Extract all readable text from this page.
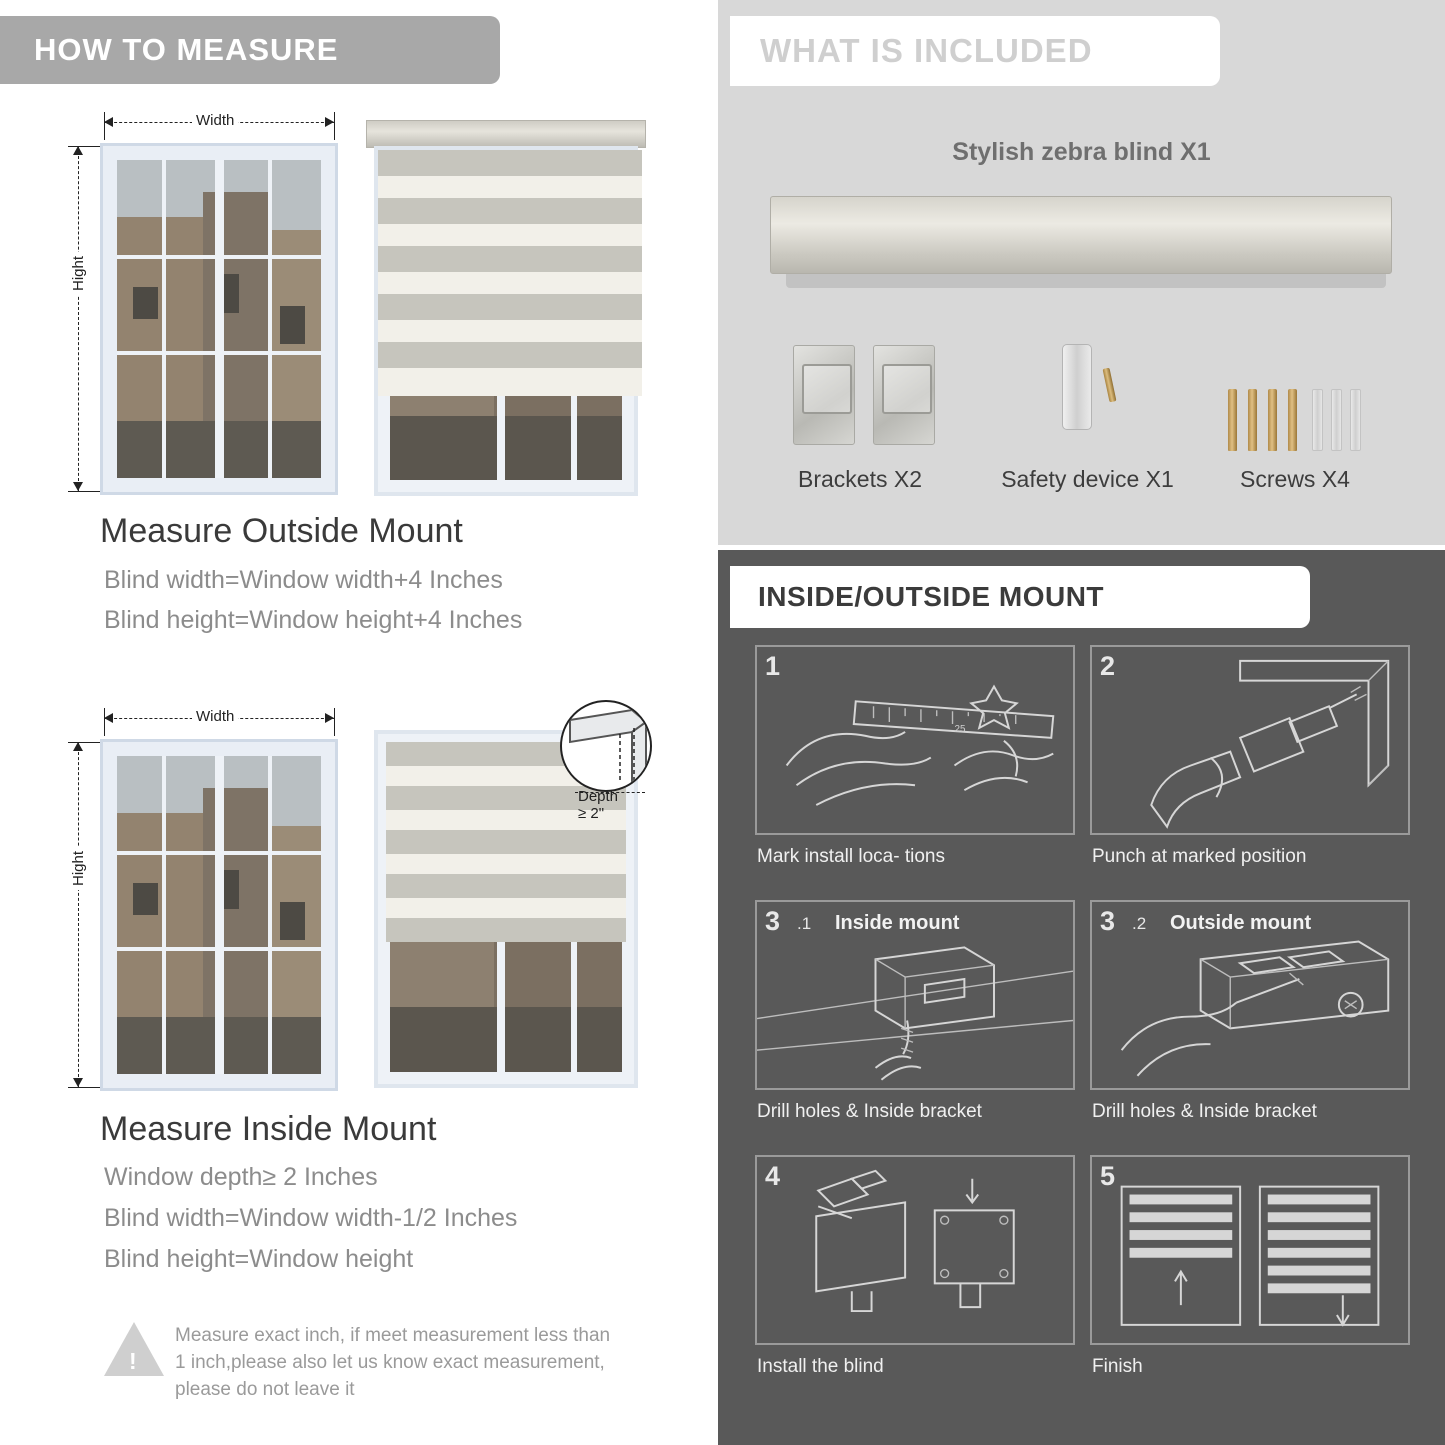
HOW TO MEASURE
Width
Hight
Measure Outside Mount
Blind width=Window width+4 Inches
Blind height=Window height+4 Inches
Width
Hight
Depth ≥ 2"
Measure Inside Mount
Window depth≥ 2 Inches
Blind width=Window width-1/2 Inches
Blind height=Window height
!
Measure exact inch, if meet measurement less than 1 inch,please also let us know exact measurement, please do not leave it
WHAT IS INCLUDED
Stylish zebra blind X1
Brackets X2	Safety device X1	Screws X4
INSIDE/OUTSIDE MOUNT
1
25
Mark install loca- tions
2
Punch at marked position
3 .1 Inside mount
Drill holes & Inside bracket
3 .2 Outside mount
Drill holes & Inside bracket
4
Install the blind
5
Finish
